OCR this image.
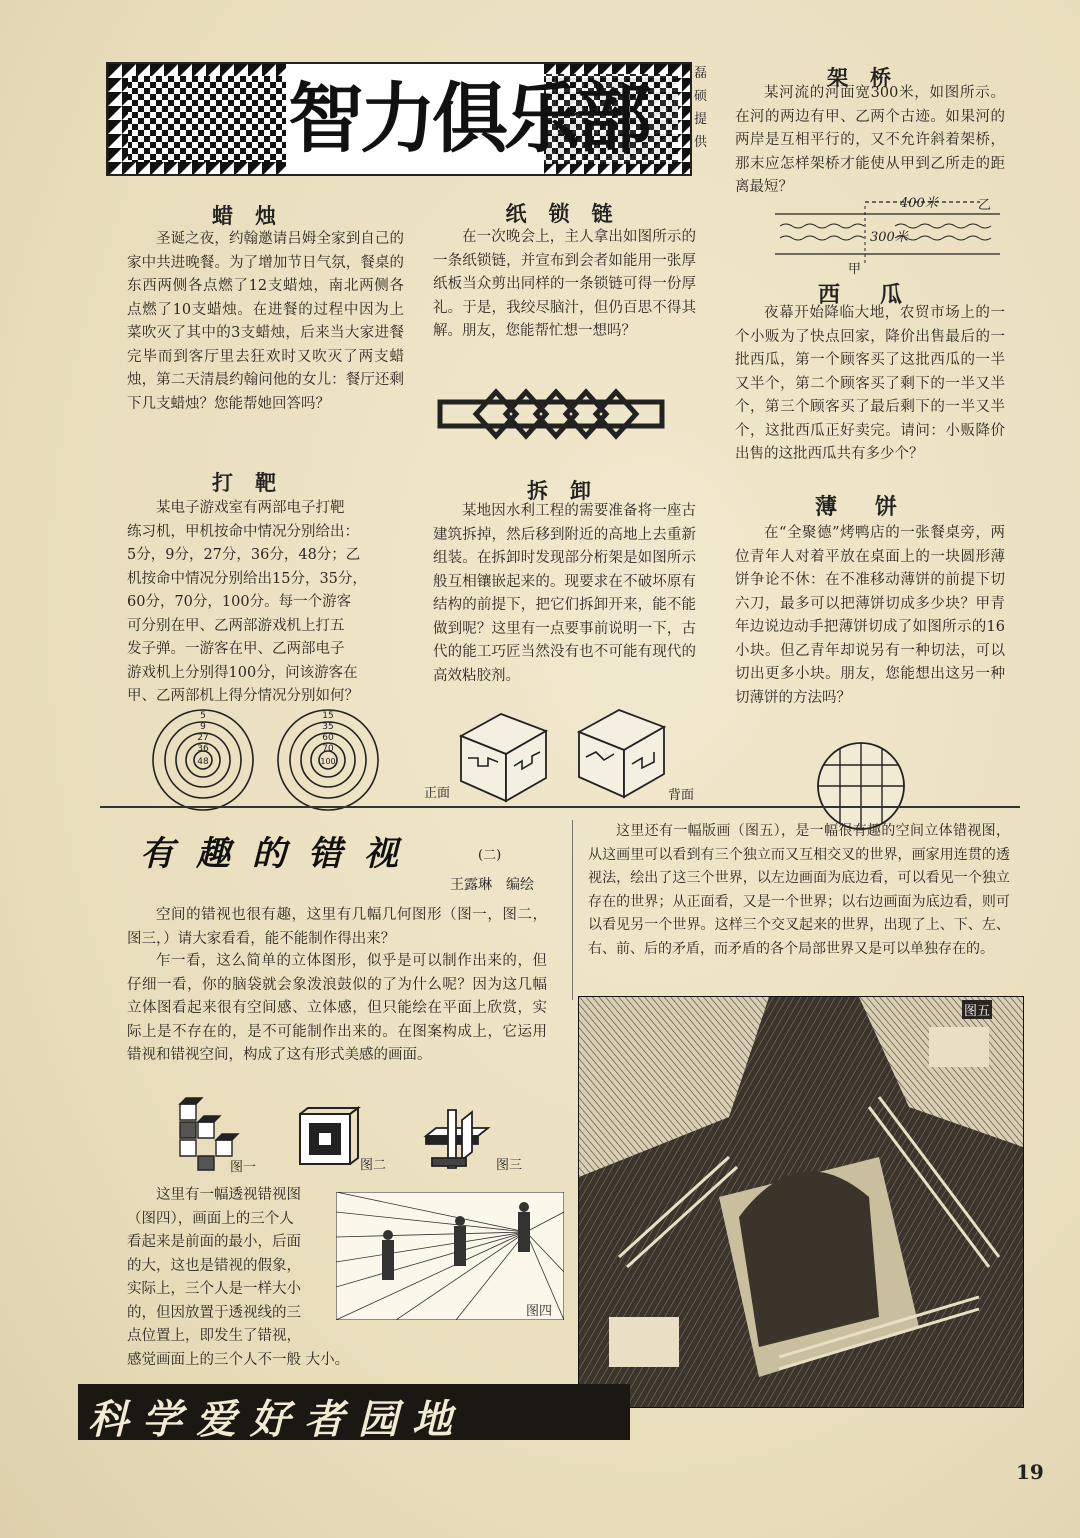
智力俱乐部
磊硕提供
蜡烛
圣诞之夜，约翰邀请吕姆全家到自己的家中共进晚餐。为了增加节日气氛，餐桌的东西两侧各点燃了12支蜡烛，南北两侧各点燃了10支蜡烛。在进餐的过程中因为上菜吹灭了其中的3支蜡烛，后来当大家进餐完毕而到客厅里去狂欢时又吹灭了两支蜡烛，第二天清晨约翰问他的女儿：餐厅还剩下几支蜡烛？您能帮她回答吗？
纸锁链
在一次晚会上，主人拿出如图所示的一条纸锁链，并宣布到会者如能用一张厚纸板当众剪出同样的一条锁链可得一份厚礼。于是，我绞尽脑汁，但仍百思不得其解。朋友，您能帮忙想一想吗？
架桥
某河流的河面宽300米，如图所示。在河的两边有甲、乙两个古迹。如果河的两岸是互相平行的，又不允许斜着架桥，那末应怎样架桥才能使从甲到乙所走的距离最短？
400米	乙
300米
甲
西瓜
夜幕开始降临大地，农贸市场上的一个小贩为了快点回家，降价出售最后的一批西瓜，第一个顾客买了这批西瓜的一半又半个，第二个顾客买了剩下的一半又半个，第三个顾客买了最后剩下的一半又半个，这批西瓜正好卖完。请问：小贩降价出售的这批西瓜共有多少个？
打靶
某电子游戏室有两部电子打靶
练习机，甲机按命中情况分别给出：
5分，9分，27分，36分，48分；乙
机按命中情况分别给出15分，35分，
60分，70分，100分。每一个游客
可分别在甲、乙两部游戏机上打五
发子弹。一游客在甲、乙两部电子
游戏机上分别得100分，问该游客在
甲、乙两部机上得分情况分别如何？
5
9
27
36
48
15
35
60
70
100
拆卸
某地因水利工程的需要准备将一座古建筑拆掉，然后移到附近的高地上去重新组装。在拆卸时发现部分桁架是如图所示般互相镶嵌起来的。现要求在不破坏原有结构的前提下，把它们拆卸开来，能不能做到呢？这里有一点要事前说明一下，古代的能工巧匠当然没有也不可能有现代的高效粘胶剂。
正面	背面
薄饼
在“全聚德”烤鸭店的一张餐桌旁，两位青年人对着平放在桌面上的一块圆形薄饼争论不休：在不准移动薄饼的前提下切六刀，最多可以把薄饼切成多少块？甲青年边说边动手把薄饼切成了如图所示的16小块。但乙青年却说另有一种切法，可以切出更多小块。朋友，您能想出这另一种切薄饼的方法吗？
有趣的错视	(二)
王露琳　编绘
空间的错视也很有趣，这里有几幅几何图形（图一，图二，图三，）请大家看看，能不能制作得出来？
乍一看，这么简单的立体图形，似乎是可以制作出来的，但仔细一看，你的脑袋就会象泼浪鼓似的了为什么呢？因为这几幅立体图看起来很有空间感、立体感，但只能绘在平面上欣赏，实际上是不存在的，是不可能制作出来的。在图案构成上，它运用错视和错视空间，构成了这有形式美感的画面。
图一	图二	图三
这里有一幅透视错视图
（图四），画面上的三个人
看起来是前面的最小，后面
的大，这也是错视的假象，
实际上，三个人是一样大小
的，但因放置于透视线的三
点位置上，即发生了错视，
感觉画面上的三个人不一般 大小。
图四
这里还有一幅版画（图五），是一幅很有趣的空间立体错视图，从这画里可以看到有三个独立而又互相交叉的世界，画家用连贯的透视法，绘出了这三个世界，以左边画面为底边看，可以看见一个独立存在的世界；从正面看，又是一个世界；以右边画面为底边看，则可以看见另一个世界。这样三个交叉起来的世界，出现了上、下、左、右、前、后的矛盾，而矛盾的各个局部世界又是可以单独存在的。
图五
科学爱好者园地
19
